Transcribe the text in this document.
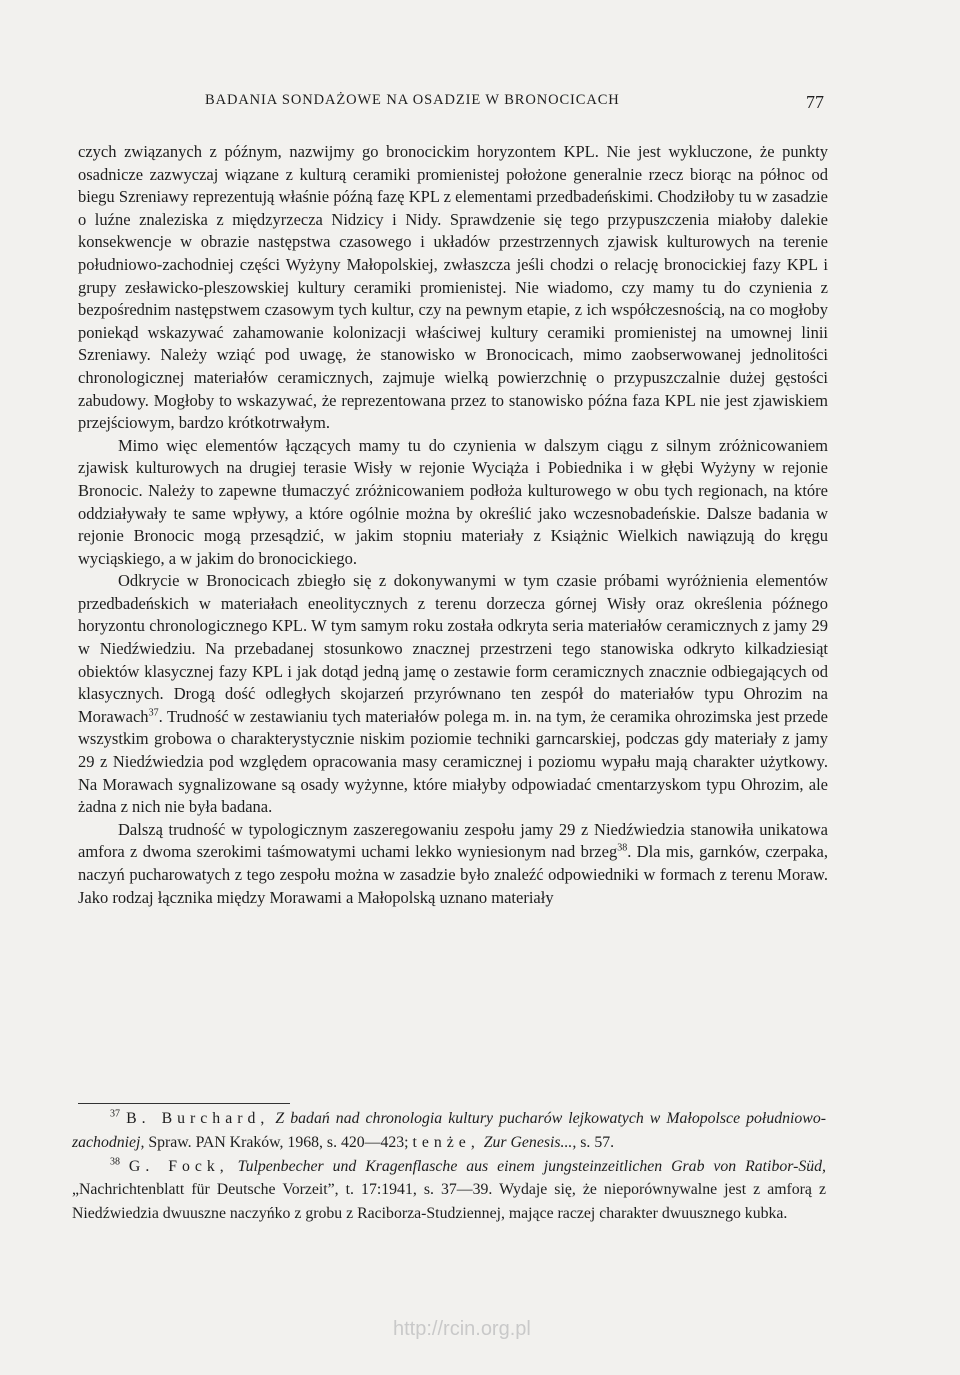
BADANIA SONDAŻOWE NA OSADZIE W BRONOCICACH	77

czych związanych z późnym, nazwijmy go bronocickim horyzontem KPL. Nie jest wykluczone, że punkty osadnicze zazwyczaj wiązane z kulturą ceramiki promienistej położone generalnie rzecz biorąc na północ od biegu Szreniawy reprezentują właśnie późną fazę KPL z elementami przedbadeńskimi. Chodziłoby tu w zasadzie o luźne znaleziska z międzyrzecza Nidzicy i Nidy. Sprawdzenie się tego przypuszczenia miałoby dalekie konsekwencje w obrazie następstwa czasowego i układów przestrzennych zjawisk kulturowych na terenie południowo-zachodniej części Wyżyny Małopolskiej, zwłaszcza jeśli chodzi o relację bronocickiej fazy KPL i grupy zesławicko-pleszowskiej kultury ceramiki promienistej. Nie wiadomo, czy mamy tu do czynienia z bezpośrednim następstwem czasowym tych kultur, czy na pewnym etapie, z ich współczesnością, na co mogłoby poniekąd wskazywać zahamowanie kolonizacji właściwej kultury ceramiki promienistej na umownej linii Szreniawy. Należy wziąć pod uwagę, że stanowisko w Bronocicach, mimo zaobserwowanej jednolitości chronologicznej materiałów ceramicznych, zajmuje wielką powierzchnię o przypuszczalnie dużej gęstości zabudowy. Mogłoby to wskazywać, że reprezentowana przez to stanowisko późna faza KPL nie jest zjawiskiem przejściowym, bardzo krótkotrwałym.

Mimo więc elementów łączących mamy tu do czynienia w dalszym ciągu z silnym zróżnicowaniem zjawisk kulturowych na drugiej terasie Wisły w rejonie Wyciąża i Pobiednika i w głębi Wyżyny w rejonie Bronocic. Należy to zapewne tłumaczyć zróżnicowaniem podłoża kulturowego w obu tych regionach, na które oddziaływały te same wpływy, a które ogólnie można by określić jako wczesnobadeńskie. Dalsze badania w rejonie Bronocic mogą przesądzić, w jakim stopniu materiały z Książnic Wielkich nawiązują do kręgu wyciąskiego, a w jakim do bronocickiego.

Odkrycie w Bronocicach zbiegło się z dokonywanymi w tym czasie próbami wyróżnienia elementów przedbadeńskich w materiałach eneolitycznych z terenu dorzecza górnej Wisły oraz określenia późnego horyzontu chronologicznego KPL. W tym samym roku została odkryta seria materiałów ceramicznych z jamy 29 w Niedźwiedziu. Na przebadanej stosunkowo znacznej przestrzeni tego stanowiska odkryto kilkadziesiąt obiektów klasycznej fazy KPL i jak dotąd jedną jamę o zestawie form ceramicznych znacznie odbiegających od klasycznych. Drogą dość odległych skojarzeń przyrównano ten zespół do materiałów typu Ohrozim na Morawach$^{37}$. Trudność w zestawianiu tych materiałów polega m. in. na tym, że ceramika ohrozimska jest przede wszystkim grobowa o charakterystycznie niskim poziomie techniki garncarskiej, podczas gdy materiały z jamy 29 z Niedźwiedzia pod względem opracowania masy ceramicznej i poziomu wypału mają charakter użytkowy. Na Morawach sygnalizowane są osady wyżynne, które miałyby odpowiadać cmentarzyskom typu Ohrozim, ale żadna z nich nie była badana.

Dalszą trudność w typologicznym zaszeregowaniu zespołu jamy 29 z Niedźwiedzia stanowiła unikatowa amfora z dwoma szerokimi taśmowatymi uchami lekko wyniesionym nad brzeg$^{38}$. Dla mis, garnków, czerpaka, naczyń pucharowatych z tego zespołu można w zasadzie było znaleźć odpowiedniki w formach z terenu Moraw. Jako rodzaj łącznika między Morawami a Małopolską uznano materiały

$^{37}$ B. Burchard, Z badań nad chronologia kultury pucharów lejkowatych w Małopolsce południowo-zachodniej, Spraw. PAN Kraków, 1968, s. 420—423; tenże, Zur Genesis..., s. 57.

$^{38}$ G. Fock, Tulpenbecher und Kragenflasche aus einem jungsteinzeitlichen Grab von Ratibor-Süd, „Nachrichtenblatt für Deutsche Vorzeit”, t. 17:1941, s. 37—39. Wydaje się, że nieporównywalne jest z amforą z Niedźwiedzia dwuuszne naczyńko z grobu z Raciborza-Studziennej, mające raczej charakter dwuusznego kubka.

http://rcin.org.pl
